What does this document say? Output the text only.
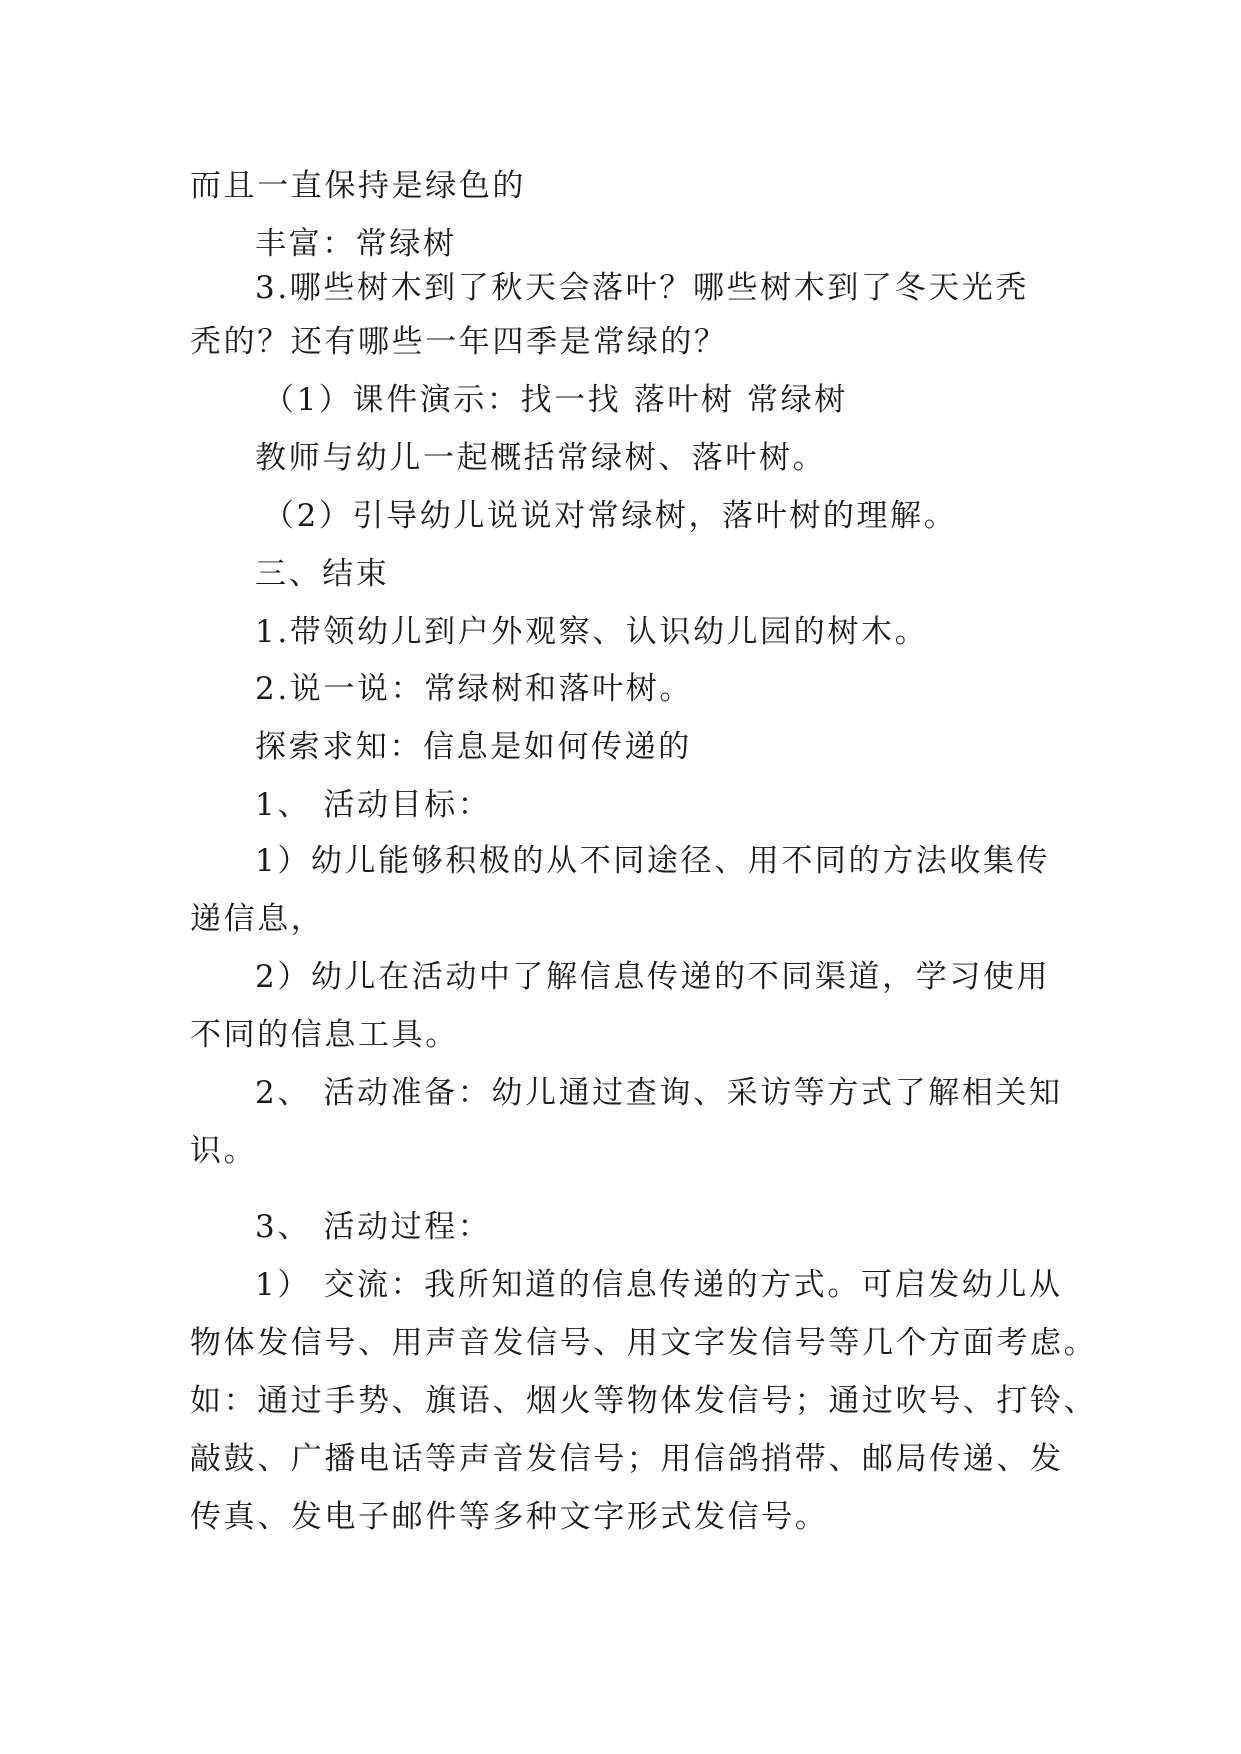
而且一直保持是绿色的

丰富：常绿树

3.哪些树木到了秋天会落叶？哪些树木到了冬天光秃

秃的？还有哪些一年四季是常绿的？

（1）课件演示：找一找 落叶树 常绿树

教师与幼儿一起概括常绿树、落叶树。

（2）引导幼儿说说对常绿树，落叶树的理解。

三、结束

1.带领幼儿到户外观察、认识幼儿园的树木。

2.说一说：常绿树和落叶树。

探索求知：信息是如何传递的

1、 活动目标：

1）幼儿能够积极的从不同途径、用不同的方法收集传

递信息，

2）幼儿在活动中了解信息传递的不同渠道，学习使用

不同的信息工具。

2、 活动准备：幼儿通过查询、采访等方式了解相关知

识。

3、 活动过程：

1） 交流：我所知道的信息传递的方式。可启发幼儿从

物体发信号、用声音发信号、用文字发信号等几个方面考虑。

如：通过手势、旗语、烟火等物体发信号；通过吹号、打铃、

敲鼓、广播电话等声音发信号；用信鸽捎带、邮局传递、发

传真、发电子邮件等多种文字形式发信号。
